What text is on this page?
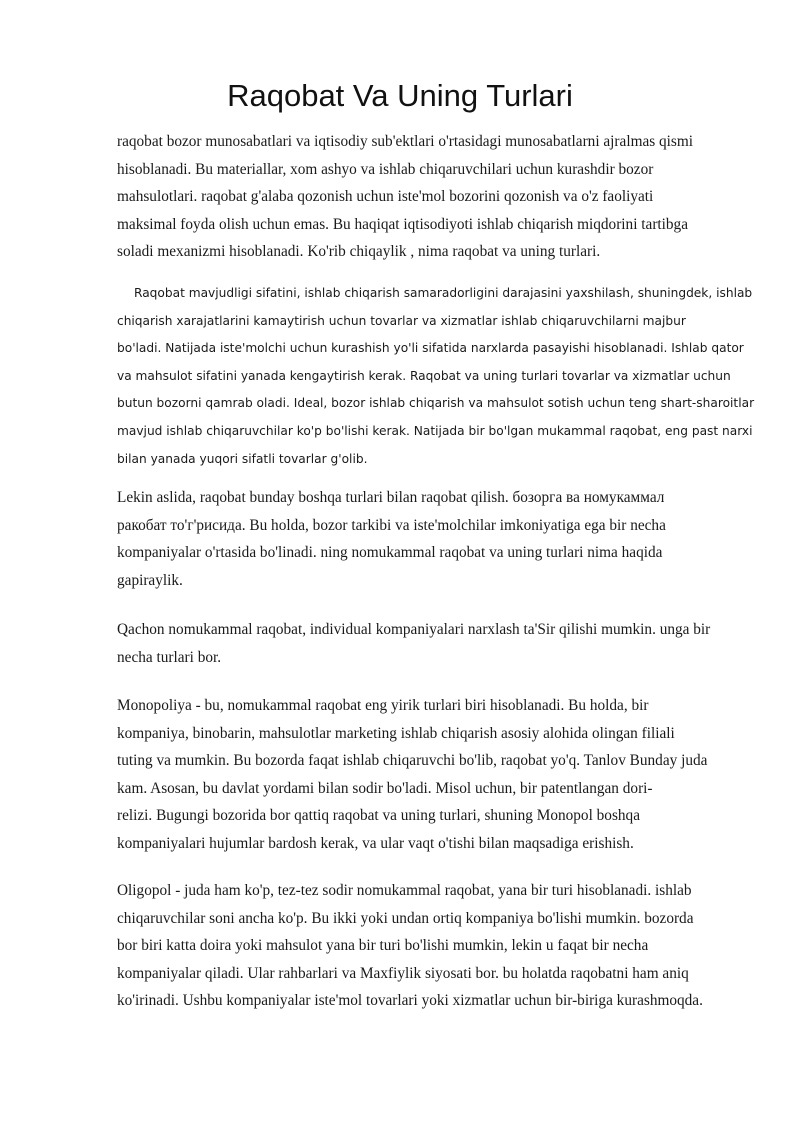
Raqobat Va Uning Turlari
raqobat bozor munosabatlari va iqtisodiy sub'ektlari o'rtasidagi munosabatlarni ajralmas qismi
hisoblanadi. Bu materiallar, xom ashyo va ishlab chiqaruvchilari uchun kurashdir bozor
mahsulotlari. raqobat g'alaba qozonish uchun iste'mol bozorini qozonish va o'z faoliyati
maksimal foyda olish uchun emas. Bu haqiqat iqtisodiyoti ishlab chiqarish miqdorini tartibga
soladi mexanizmi hisoblanadi. Ko'rib chiqaylik , nima raqobat va uning turlari.
Raqobat mavjudligi sifatini, ishlab chiqarish samaradorligini darajasini yaxshilash, shuningdek, ishlab
chiqarish xarajatlarini kamaytirish uchun tovarlar va xizmatlar ishlab chiqaruvchilarni majbur
bo'ladi. Natijada iste'molchi uchun kurashish yo'li sifatida narxlarda pasayishi hisoblanadi. Ishlab qator
va mahsulot sifatini yanada kengaytirish kerak. Raqobat va uning turlari tovarlar va xizmatlar uchun
butun bozorni qamrab oladi. Ideal, bozor ishlab chiqarish va mahsulot sotish uchun teng shart-sharoitlar
mavjud ishlab chiqaruvchilar ko'p bo'lishi kerak. Natijada bir bo'lgan mukammal raqobat, eng past narxi
bilan yanada yuqori sifatli tovarlar g'olib.
Lekin aslida, raqobat bunday boshqa turlari bilan raqobat qilish. бозорга ва номукаммал
ракобат то'г'рисида. Bu holda, bozor tarkibi va iste'molchilar imkoniyatiga ega bir necha
kompaniyalar o'rtasida bo'linadi. ning nomukammal raqobat va uning turlari nima haqida
gapiraylik.
Qachon nomukammal raqobat, individual kompaniyalari narxlash ta'Sir qilishi mumkin. unga bir
necha turlari bor.
Monopoliya - bu, nomukammal raqobat eng yirik turlari biri hisoblanadi. Bu holda, bir
kompaniya, binobarin, mahsulotlar marketing ishlab chiqarish asosiy alohida olingan filiali
tuting va mumkin. Bu bozorda faqat ishlab chiqaruvchi bo'lib, raqobat yo'q. Tanlov Bunday juda
kam. Asosan, bu davlat yordami bilan sodir bo'ladi. Misol uchun, bir patentlangan dori-
relizi. Bugungi bozorida bor qattiq raqobat va uning turlari, shuning Monopol boshqa
kompaniyalari hujumlar bardosh kerak, va ular vaqt o'tishi bilan maqsadiga erishish.
Oligopol - juda ham ko'p, tez-tez sodir nomukammal raqobat, yana bir turi hisoblanadi. ishlab
chiqaruvchilar soni ancha ko'p. Bu ikki yoki undan ortiq kompaniya bo'lishi mumkin. bozorda
bor biri katta doira yoki mahsulot yana bir turi bo'lishi mumkin, lekin u faqat bir necha
kompaniyalar qiladi. Ular rahbarlari va Maxfiylik siyosati bor. bu holatda raqobatni ham aniq
ko'irinadi. Ushbu kompaniyalar iste'mol tovarlari yoki xizmatlar uchun bir-biriga kurashmoqda.
